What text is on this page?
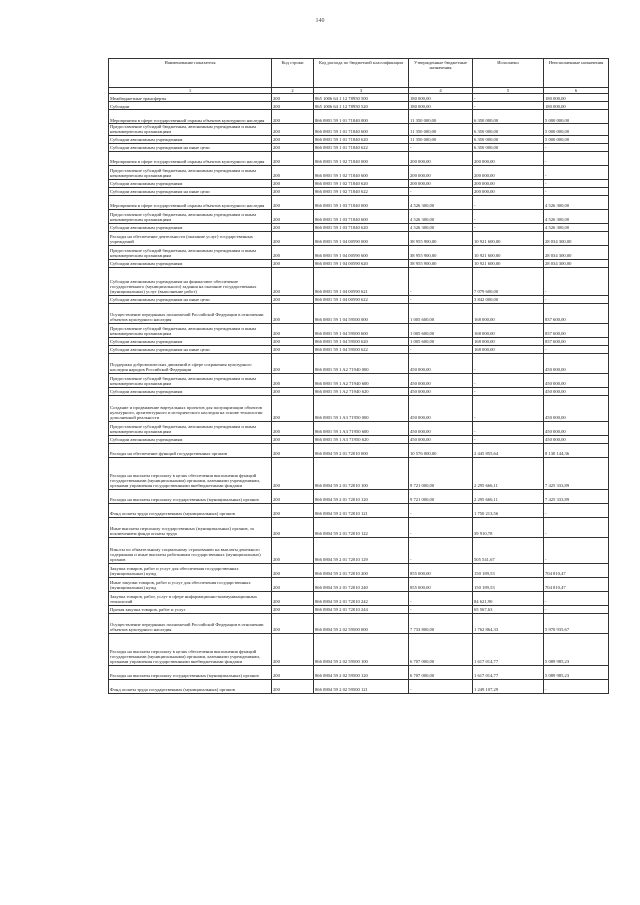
140
Наименование показателя	Код строки	Код расхода по бюджетной классификации	Утвержденные бюджетные назначения	Исполнено	Неисполненные назначения
1	2	3	4	5	6
Межбюджетные трансферты	200	865 1006 64 1 12 78950 500	180 000,00	-	180 000,00
Субсидии	200	865 1006 64 1 12 78950 520	180 000,00	-	180 000,00
Мероприятия в сфере государственной охраны объектов культурного наследия	200	866 0801 59 1 01 71840 000	11 350 000,00	6 350 000,00	5 000 000,00
Предоставление субсидий бюджетным, автономным учреждениям и иным некоммерческим организациям	200	866 0801 59 1 01 71840 600	11 350 000,00	6 350 000,00	5 000 000,00
Субсидии автономным учреждениям	200	866 0801 59 1 01 71840 620	11 350 000,00	6 350 000,00	5 000 000,00
Субсидии автономным учреждениям на иные цели	200	866 0801 59 1 01 71840 622	-	6 350 000,00	-
Мероприятия в сфере государственной охраны объектов культурного наследия	200	866 0801 59 1 02 71840 000	200 000,00	200 000,00	-
Предоставление субсидий бюджетным, автономным учреждениям и иным некоммерческим организациям	200	866 0801 59 1 02 71840 600	200 000,00	200 000,00	-
Субсидии автономным учреждениям	200	866 0801 59 1 02 71840 620	200 000,00	200 000,00	-
Субсидии автономным учреждениям на иные цели	200	866 0801 59 1 02 71840 622	-	200 000,00	-
Мероприятия в сфере государственной охраны объектов культурного наследия	200	866 0801 59 1 03 71840 000	4 526 300,00	-	4 526 300,00
Предоставление субсидий бюджетным, автономным учреждениям и иным некоммерческим организациям	200	866 0801 59 1 03 71840 600	4 526 300,00	-	4 526 300,00
Субсидии автономным учреждениям	200	866 0801 59 1 03 71840 620	4 526 300,00	-	4 526 300,00
Расходы на обеспечение деятельности (оказание услуг) государственных учреждений	200	866 0801 59 1 04 00590 000	38 955 900,00	10 921 600,00	28 034 300,00
Предоставление субсидий бюджетным, автономным учреждениям и иным некоммерческим организациям	200	866 0801 59 1 04 00590 600	38 955 900,00	10 921 600,00	28 034 300,00
Субсидии автономным учреждениям	200	866 0801 59 1 04 00590 620	38 955 900,00	10 921 600,00	28 034 300,00
Субсидии автономным учреждениям на финансовое обеспечение государственного (муниципального) задания на оказание государственных (муниципальных) услуг (выполнение работ)	200	866 0801 59 1 04 00590 621	-	7 079 600,00	-
Субсидии автономным учреждениям на иные цели	200	866 0801 59 1 04 00590 622	-	3 842 000,00	-
Осуществление переданных полномочий Российской Федерации в отношении объектов культурного наследия	200	866 0801 59 1 04 59500 000	1 005 600,00	168 000,00	837 600,00
Предоставление субсидий бюджетным, автономным учреждениям и иным некоммерческим организациям	200	866 0801 59 1 04 59500 600	1 005 600,00	168 000,00	837 600,00
Субсидии автономным учреждениям	200	866 0801 59 1 04 59500 620	1 005 600,00	168 000,00	837 600,00
Субсидии автономным учреждениям на иные цели	200	866 0801 59 1 04 59500 622	-	168 000,00	-
Поддержка добровольческих движений в сфере сохранения культурного наследия народов Российской Федерации	200	866 0801 59 1 A2 71940 000	450 000,00	-	450 000,00
Предоставление субсидий бюджетным, автономным учреждениям и иным некоммерческим организациям	200	866 0801 59 1 A2 71940 600	450 000,00	-	450 000,00
Субсидии автономным учреждениям	200	866 0801 59 1 A2 71940 620	450 000,00	-	450 000,00
Создание и продвижение виртуальных проектов для популяризации объектов культурного, архитектурного и исторического наследия на основе технологии дополненной реальности	200	866 0801 59 1 A3 71950 000	450 000,00	-	450 000,00
Предоставление субсидий бюджетным, автономным учреждениям и иным некоммерческим организациям	200	866 0801 59 1 A3 71950 600	450 000,00	-	450 000,00
Субсидии автономным учреждениям	200	866 0801 59 1 A3 71950 620	450 000,00	-	450 000,00
Расходы на обеспечение функций государственных органов	200	866 0804 59 2 01 72010 000	10 576 000,00	2 445 855,64	8 130 144,36
Расходы на выплаты персоналу в целях обеспечения выполнения функций государственными (муниципальными) органами, казенными учреждениями, органами управления государственными внебюджетными фондами	200	866 0804 59 2 01 72010 100	9 721 000,00	2 295 666,11	7 425 333,89
Расходы на выплаты персоналу государственных (муниципальных) органов	200	866 0804 59 2 01 72010 120	9 721 000,00	2 295 666,11	7 425 333,89
Фонд оплаты труда государственных (муниципальных) органов	200	866 0804 59 2 01 72010 121	-	1 750 213,56	-
Иные выплаты персоналу государственных (муниципальных) органов, за исключением фонда оплаты труда	200	866 0804 59 2 01 72010 122	-	39 910,78	-
Взносы по обязательному социальному страхованию на выплаты денежного содержания и иные выплаты работникам государственных (муниципальных) органов	200	866 0804 59 2 01 72010 129	-	505 541,67	-
Закупка товаров, работ и услуг для обеспечения государственных (муниципальных) нужд	200	866 0804 59 2 01 72010 200	855 000,00	150 189,53	704 810,47
Иные закупки товаров, работ и услуг для обеспечения государственных (муниципальных) нужд	200	866 0804 59 2 01 72010 240	855 000,00	150 189,53	704 810,47
Закупка товаров, работ, услуг в сфере информационно-коммуникационных технологий	200	866 0804 59 2 01 72010 242	-	84 621,90	-
Прочая закупка товаров, работ и услуг	200	866 0804 59 2 01 72010 244	-	65 567,63	-
Осуществление переданных полномочий Российской Федерации в отношении объектов культурного наследия	200	866 0804 59 2 02 59500 000	7 733 800,00	1 762 864,33	5 970 935,67
Расходы на выплаты персоналу в целях обеспечения выполнения функций государственными (муниципальными) органами, казенными учреждениями, органами управления государственными внебюджетными фондами	200	866 0804 59 2 02 59500 100	6 707 000,00	1 617 014,77	5 089 985,23
Расходы на выплаты персоналу государственных (муниципальных) органов	200	866 0804 59 2 02 59500 120	6 707 000,00	1 617 014,77	5 089 985,23
Фонд оплаты труда государственных (муниципальных) органов	200	866 0804 59 2 02 59500 121	-	1 249 107,29	-
